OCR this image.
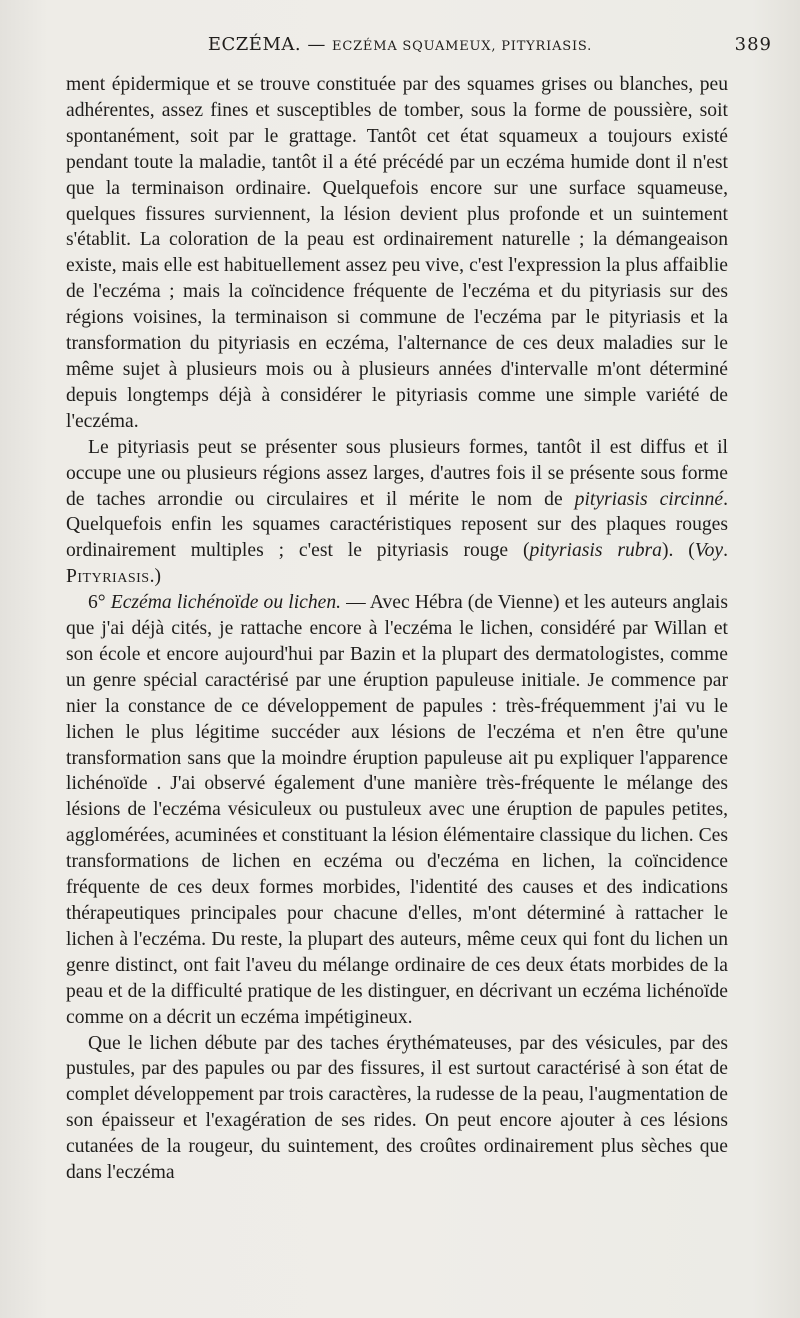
ECZÉMA. — ECZÉMA SQUAMEUX, PITYRIASIS.	389

ment épidermique et se trouve constituée par des squames grises ou blanches, peu adhérentes, assez fines et susceptibles de tomber, sous la forme de poussière, soit spontanément, soit par le grattage. Tantôt cet état squameux a toujours existé pendant toute la maladie, tantôt il a été précédé par un eczéma humide dont il n'est que la terminaison ordinaire. Quelquefois encore sur une surface squameuse, quelques fissures surviennent, la lésion devient plus profonde et un suintement s'établit. La coloration de la peau est ordinairement naturelle ; la démangeaison existe, mais elle est habituellement assez peu vive, c'est l'expression la plus affaiblie de l'eczéma ; mais la coïncidence fréquente de l'eczéma et du pityriasis sur des régions voisines, la terminaison si commune de l'eczéma par le pityriasis et la transformation du pityriasis en eczéma, l'alternance de ces deux maladies sur le même sujet à plusieurs mois ou à plusieurs années d'intervalle m'ont déterminé depuis longtemps déjà à considérer le pityriasis comme une simple variété de l'eczéma.

Le pityriasis peut se présenter sous plusieurs formes, tantôt il est diffus et il occupe une ou plusieurs régions assez larges, d'autres fois il se présente sous forme de taches arrondie ou circulaires et il mérite le nom de pityriasis circinné. Quelquefois enfin les squames caractéristiques reposent sur des plaques rouges ordinairement multiples ; c'est le pityriasis rouge (pityriasis rubra). (Voy. Pityriasis.)

6° Eczéma lichénoïde ou lichen. — Avec Hébra (de Vienne) et les auteurs anglais que j'ai déjà cités, je rattache encore à l'eczéma le lichen, considéré par Willan et son école et encore aujourd'hui par Bazin et la plupart des dermatologistes, comme un genre spécial caractérisé par une éruption papuleuse initiale. Je commence par nier la constance de ce développement de papules : très-fréquemment j'ai vu le lichen le plus légitime succéder aux lésions de l'eczéma et n'en être qu'une transformation sans que la moindre éruption papuleuse ait pu expliquer l'apparence lichénoïde . J'ai observé également d'une manière très-fréquente le mélange des lésions de l'eczéma vésiculeux ou pustuleux avec une éruption de papules petites, agglomérées, acuminées et constituant la lésion élémentaire classique du lichen. Ces transformations de lichen en eczéma ou d'eczéma en lichen, la coïncidence fréquente de ces deux formes morbides, l'identité des causes et des indications thérapeutiques principales pour chacune d'elles, m'ont déterminé à rattacher le lichen à l'eczéma. Du reste, la plupart des auteurs, même ceux qui font du lichen un genre distinct, ont fait l'aveu du mélange ordinaire de ces deux états morbides de la peau et de la difficulté pratique de les distinguer, en décrivant un eczéma lichénoïde comme on a décrit un eczéma impétigineux.

Que le lichen débute par des taches érythémateuses, par des vésicules, par des pustules, par des papules ou par des fissures, il est surtout caractérisé à son état de complet développement par trois caractères, la rudesse de la peau, l'augmentation de son épaisseur et l'exagération de ses rides. On peut encore ajouter à ces lésions cutanées de la rougeur, du suintement, des croûtes ordinairement plus sèches que dans l'eczéma
